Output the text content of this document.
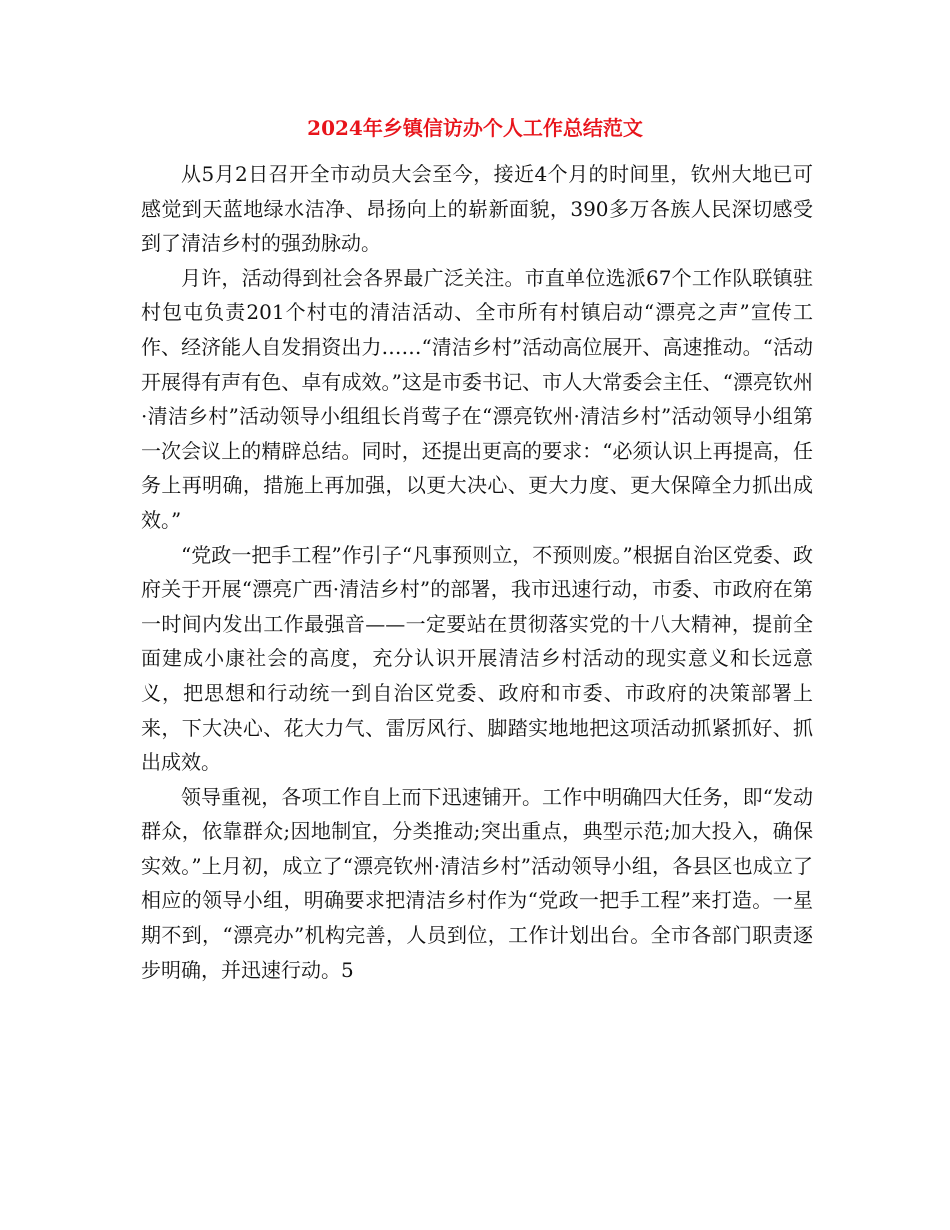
2024年乡镇信访办个人工作总结范文

从5月2日召开全市动员大会至今，接近4个月的时间里，钦州大地已可感觉到天蓝地绿水洁净、昂扬向上的崭新面貌，390多万各族人民深切感受到了清洁乡村的强劲脉动。

月许，活动得到社会各界最广泛关注。市直单位选派67个工作队联镇驻村包屯负责201个村屯的清洁活动、全市所有村镇启动“漂亮之声”宣传工作、经济能人自发捐资出力……“清洁乡村”活动高位展开、高速推动。“活动开展得有声有色、卓有成效。”这是市委书记、市人大常委会主任、“漂亮钦州·清洁乡村”活动领导小组组长肖莺子在“漂亮钦州·清洁乡村”活动领导小组第一次会议上的精辟总结。同时，还提出更高的要求：“必须认识上再提高，任务上再明确，措施上再加强，以更大决心、更大力度、更大保障全力抓出成效。”

“党政一把手工程”作引子“凡事预则立，不预则废。”根据自治区党委、政府关于开展“漂亮广西·清洁乡村”的部署，我市迅速行动，市委、市政府在第一时间内发出工作最强音——一定要站在贯彻落实党的十八大精神，提前全面建成小康社会的高度，充分认识开展清洁乡村活动的现实意义和长远意义，把思想和行动统一到自治区党委、政府和市委、市政府的决策部署上来，下大决心、花大力气、雷厉风行、脚踏实地地把这项活动抓紧抓好、抓出成效。

领导重视，各项工作自上而下迅速铺开。工作中明确四大任务，即“发动群众，依靠群众;因地制宜，分类推动;突出重点，典型示范;加大投入，确保实效。”上月初，成立了“漂亮钦州·清洁乡村”活动领导小组，各县区也成立了相应的领导小组，明确要求把清洁乡村作为“党政一把手工程”来打造。一星期不到，“漂亮办”机构完善，人员到位，工作计划出台。全市各部门职责逐步明确，并迅速行动。5
